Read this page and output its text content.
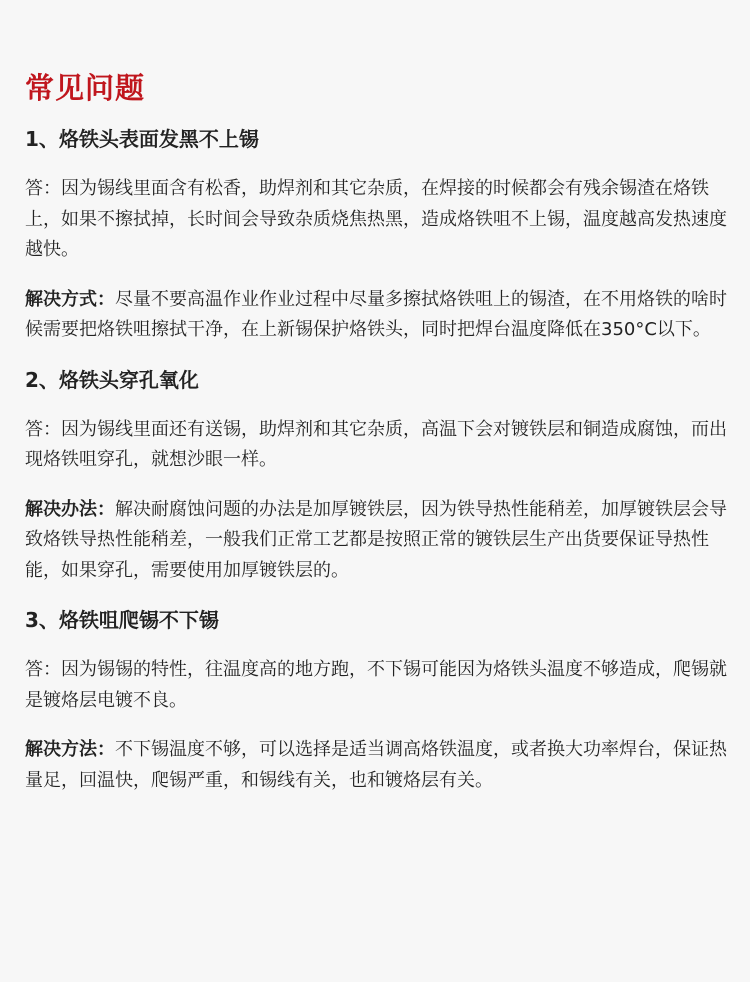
常见问题
1、烙铁头表面发黑不上锡
答：因为锡线里面含有松香，助焊剂和其它杂质，在焊接的时候都会有残余锡渣在烙铁上，如果不擦拭掉，长时间会导致杂质烧焦热黑，造成烙铁咀不上锡，温度越高发热速度越快。
解决方式：尽量不要高温作业作业过程中尽量多擦拭烙铁咀上的锡渣，在不用烙铁的啥时候需要把烙铁咀擦拭干净，在上新锡保护烙铁头，同时把焊台温度降低在350°C以下。
2、烙铁头穿孔氧化
答：因为锡线里面还有送锡，助焊剂和其它杂质，高温下会对镀铁层和铜造成腐蚀，而出现烙铁咀穿孔，就想沙眼一样。
解决办法：解决耐腐蚀问题的办法是加厚镀铁层，因为铁导热性能稍差，加厚镀铁层会导致烙铁导热性能稍差，一般我们正常工艺都是按照正常的镀铁层生产出货要保证导热性能，如果穿孔，需要使用加厚镀铁层的。
3、烙铁咀爬锡不下锡
答：因为锡锡的特性，往温度高的地方跑，不下锡可能因为烙铁头温度不够造成，爬锡就是镀烙层电镀不良。
解决方法：不下锡温度不够，可以选择是适当调高烙铁温度，或者换大功率焊台，保证热量足，回温快，爬锡严重，和锡线有关，也和镀烙层有关。
